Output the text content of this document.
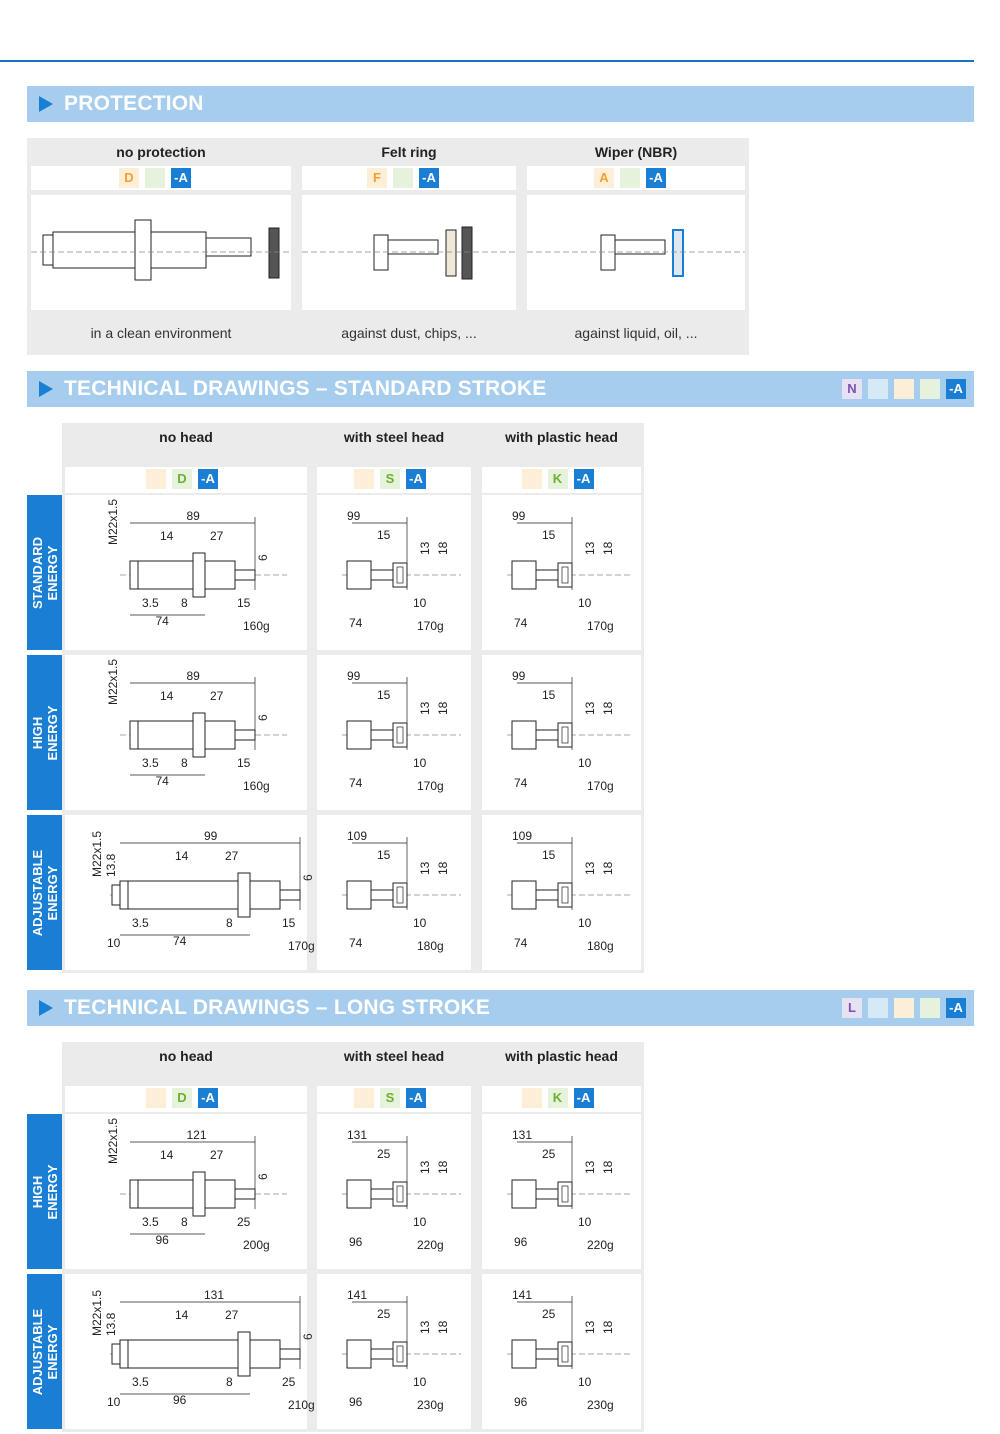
PROTECTION
TECHNICAL DRAWINGS – STANDARD STROKE	N	-A
TECHNICAL DRAWINGS – LONG STROKE	L	-A
no protection
D	-A
in a clean environment
Felt ring
F	-A
against dust, chips, ...
Wiper (NBR)
A	-A
against liquid, oil, ...
no head
D	-A
with steel head
S	-A
with plastic head
K	-A
STANDARD
ENERGY
89
M22x1.5	14	27
6
3.5 8	15
74	160g
99
15
13 18
10
74	170g
99
15
13 18
10
74	170g
HIGH
ENERGY
89
M22x1.5	14	27
6
3.5 8	15
74	160g
99
15
13 18
10
74	170g
99
15
13 18
10
74	170g
ADJUSTABLE
ENERGY
99
M22x1.5 13.8	14	27
6
10
3.5	8	15
74	170g
109
15
13 18
10
74	180g
109
15
13 18
10
74	180g
no head
D	-A
with steel head
S	-A
with plastic head
K	-A
HIGH
ENERGY
121
M22x1.5	14	27
6
3.5 8	25
96	200g
131
25
13 18
10
96	220g
131
25
13 18
10
96	220g
ADJUSTABLE
ENERGY
131
M22x1.5 13.8	14	27
6
10
3.5	8	25
96	210g
141
25
13 18
10
96	230g
141
25
13 18
10
96	230g
